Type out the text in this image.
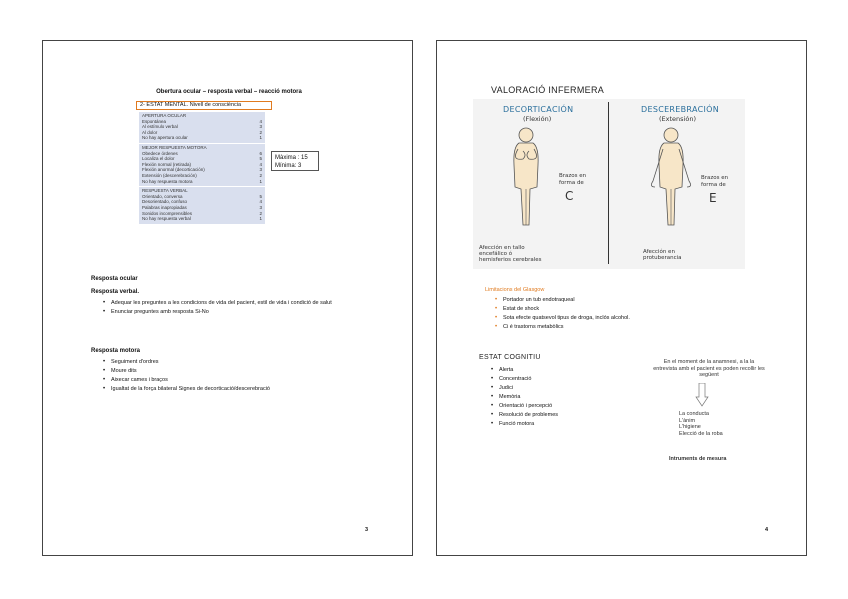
Obertura ocular – resposta verbal – reacció motora
2- ESTAT MENTAL. Nivell de consciència
APERTURA OCULAR
Espontánea	4
Al estímulo verbal	3
Al dolor	2
No hay apertura ocular	1
MEJOR RESPUESTA MOTORA
Obedece órdenes	6
Localiza el dolor	5
Flexión normal (retirada)	4
Flexión anormal (decorticación)	3
Extensión (descerebración)	2
No hay respuesta motora	1
RESPUESTA VERBAL
Orientado, conversa	5
Desorientado, confuso	4
Palabras inapropiadas	3
Sonidos incomprensibles	2
No hay respuesta verbal	1
Màxima : 15
Mínima: 3
Resposta ocular
Resposta verbal.
• Adequar les preguntes a les condicions de vida del pacient, estil de vida i condició de salut
• Enunciar preguntes amb resposta Si-No
Resposta motora
• Seguiment d'ordres
• Moure dits
• Aixecar cames i braços
• Igualtat de la força bilateral Signes de decorticació/descerebració
3
VALORACIÓ INFERMERA
DECORTICACIÓN
(Flexión)
Brazos en forma de
C
Afección en tallo
encefálico ó
hemisferios cerebrales
DESCEREBRACIÓN
(Extensión)
Brazos en forma de
E
Afección en
protuberancia
Limitacions del Glasgow
• Portador un tub endotraqueal
• Estat de shock
• Sota efecte quatsevol tipus de droga, inclós alcohol.
• Ci é trastorns metabòlics
ESTAT COGNITIU
• Alerta
• Concentració
• Judici
• Memòria
• Orientació i percepció
• Resolució de problemes
• Funció motora
En el moment de la anamnesi, a la la entrevista amb el pacient es poden recollir les següent
La conducta
L'ànim
L'higiene
Elecció de la roba
Intruments de mesura
4
